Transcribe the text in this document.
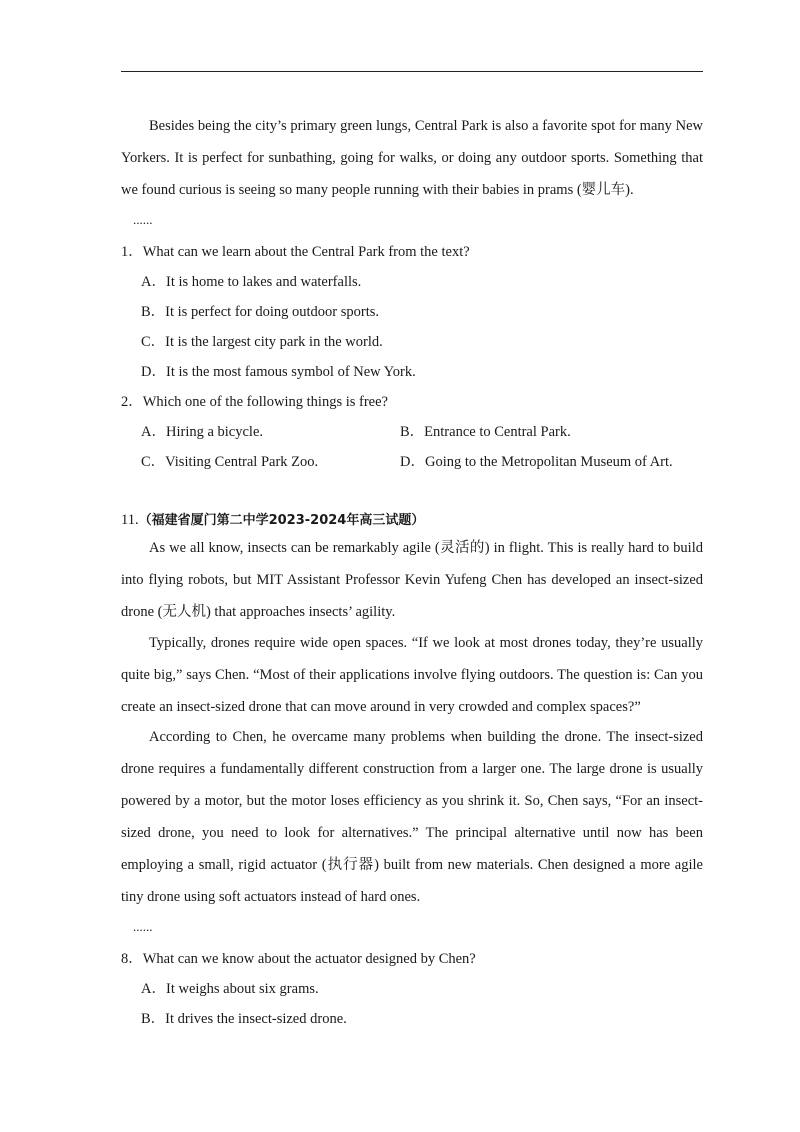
Besides being the city’s primary green lungs, Central Park is also a favorite spot for many New Yorkers. It is perfect for sunbathing, going for walks, or doing any outdoor sports. Something that we found curious is seeing so many people running with their babies in prams (婴儿车).

......
1．What can we learn about the Central Park from the text?
A．It is home to lakes and waterfalls.
B．It is perfect for doing outdoor sports.
C．It is the largest city park in the world.
D．It is the most famous symbol of New York.
2．Which one of the following things is free?
A．Hiring a bicycle.	B．Entrance to Central Park.
C．Visiting Central Park Zoo.	D．Going to the Metropolitan Museum of Art.
11.（福建省厦门第二中学2023-2024年高三试题）

As we all know, insects can be remarkably agile (灵活的) in flight. This is really hard to build into flying robots, but MIT Assistant Professor Kevin Yufeng Chen has developed an insect-sized drone (无人机) that approaches insects’ agility.

Typically, drones require wide open spaces. “If we look at most drones today, they’re usually quite big,” says Chen. “Most of their applications involve flying outdoors. The question is: Can you create an insect-sized drone that can move around in very crowded and complex spaces?”

According to Chen, he overcame many problems when building the drone. The insect-sized drone requires a fundamentally different construction from a larger one. The large drone is usually powered by a motor, but the motor loses efficiency as you shrink it. So, Chen says, “For an insect-sized drone, you need to look for alternatives.” The principal alternative until now has been employing a small, rigid actuator (执行器) built from new materials. Chen designed a more agile tiny drone using soft actuators instead of hard ones.

......
8．What can we know about the actuator designed by Chen?
A．It weighs about six grams.
B．It drives the insect-sized drone.
